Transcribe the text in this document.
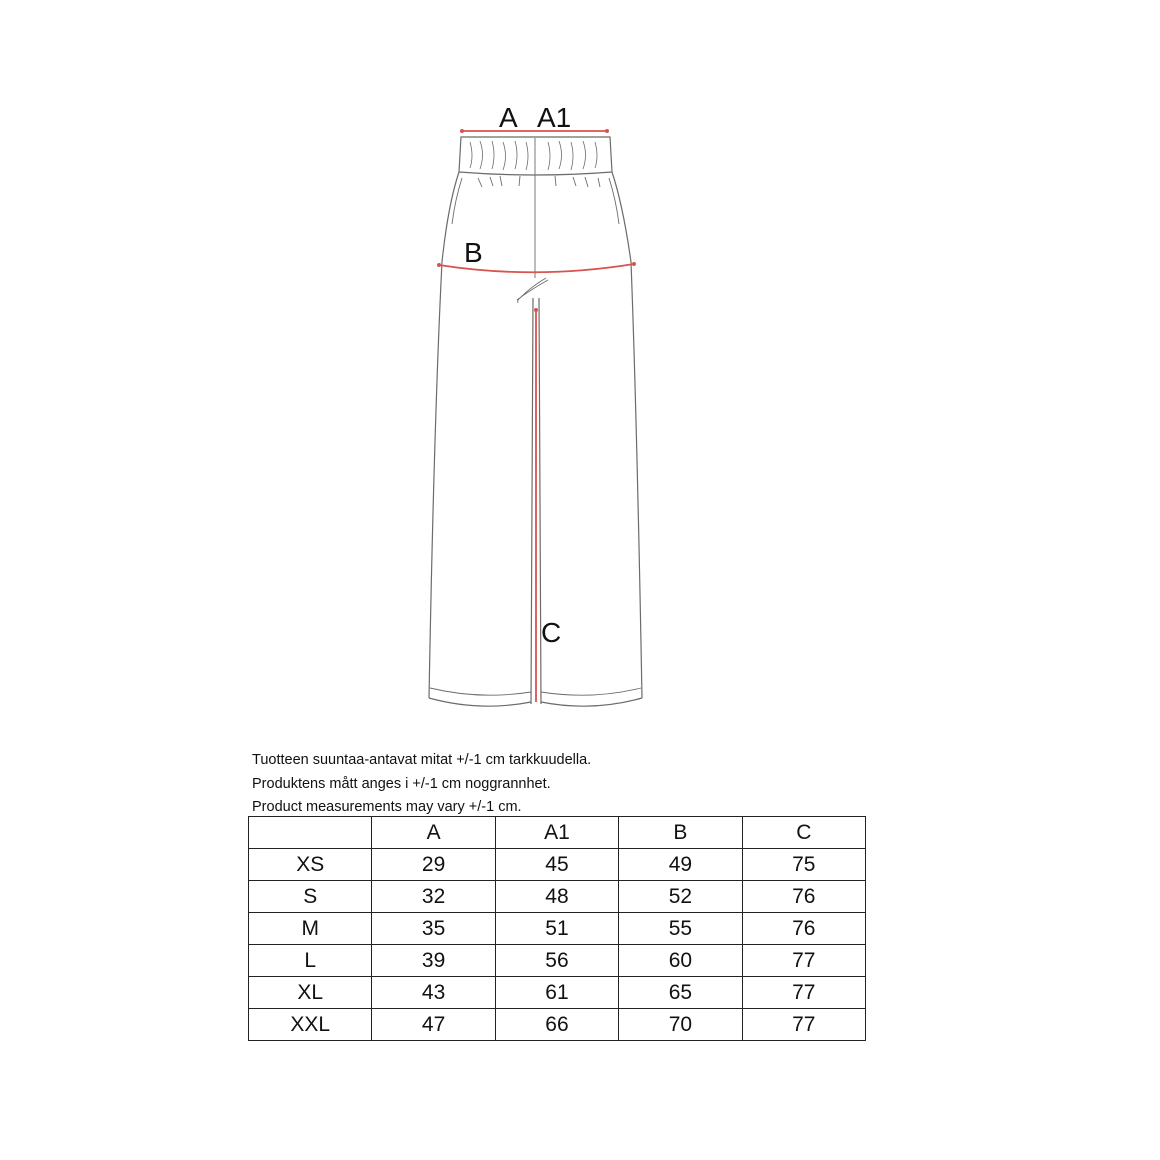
A A1
B
C
Tuotteen suuntaa-antavat mitat +/-1 cm tarkkuudella.
Produktens mått anges i +/-1 cm noggrannhet.
Product measurements may vary +/-1 cm.
	A	A1	B	C
XS	29	45	49	75
S	32	48	52	76
M	35	51	55	76
L	39	56	60	77
XL	43	61	65	77
XXL	47	66	70	77
